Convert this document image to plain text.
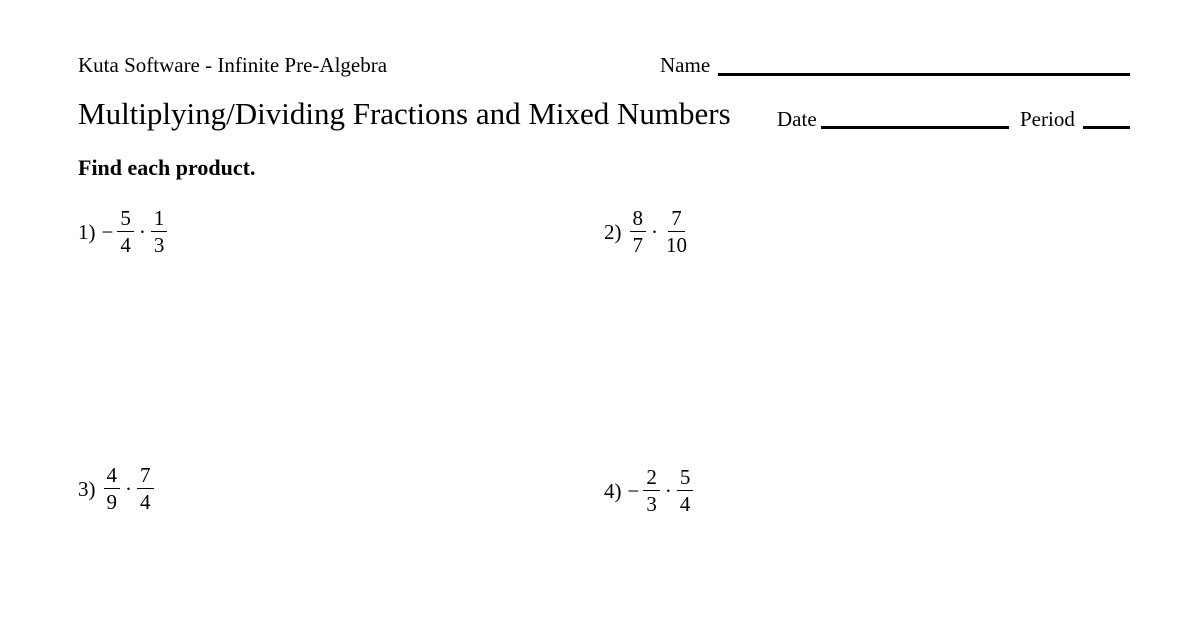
Kuta Software - Infinite Pre-Algebra	Name
Multiplying/Dividing Fractions and Mixed Numbers Date	Period
Find each product.
$1) - \frac{5}{4} \cdot \frac{1}{3}$	$2) \frac{8}{7} \cdot \frac{7}{10}$
$3) \frac{4}{9} \cdot \frac{7}{4}$	$4) - \frac{2}{3} \cdot \frac{5}{4}$
